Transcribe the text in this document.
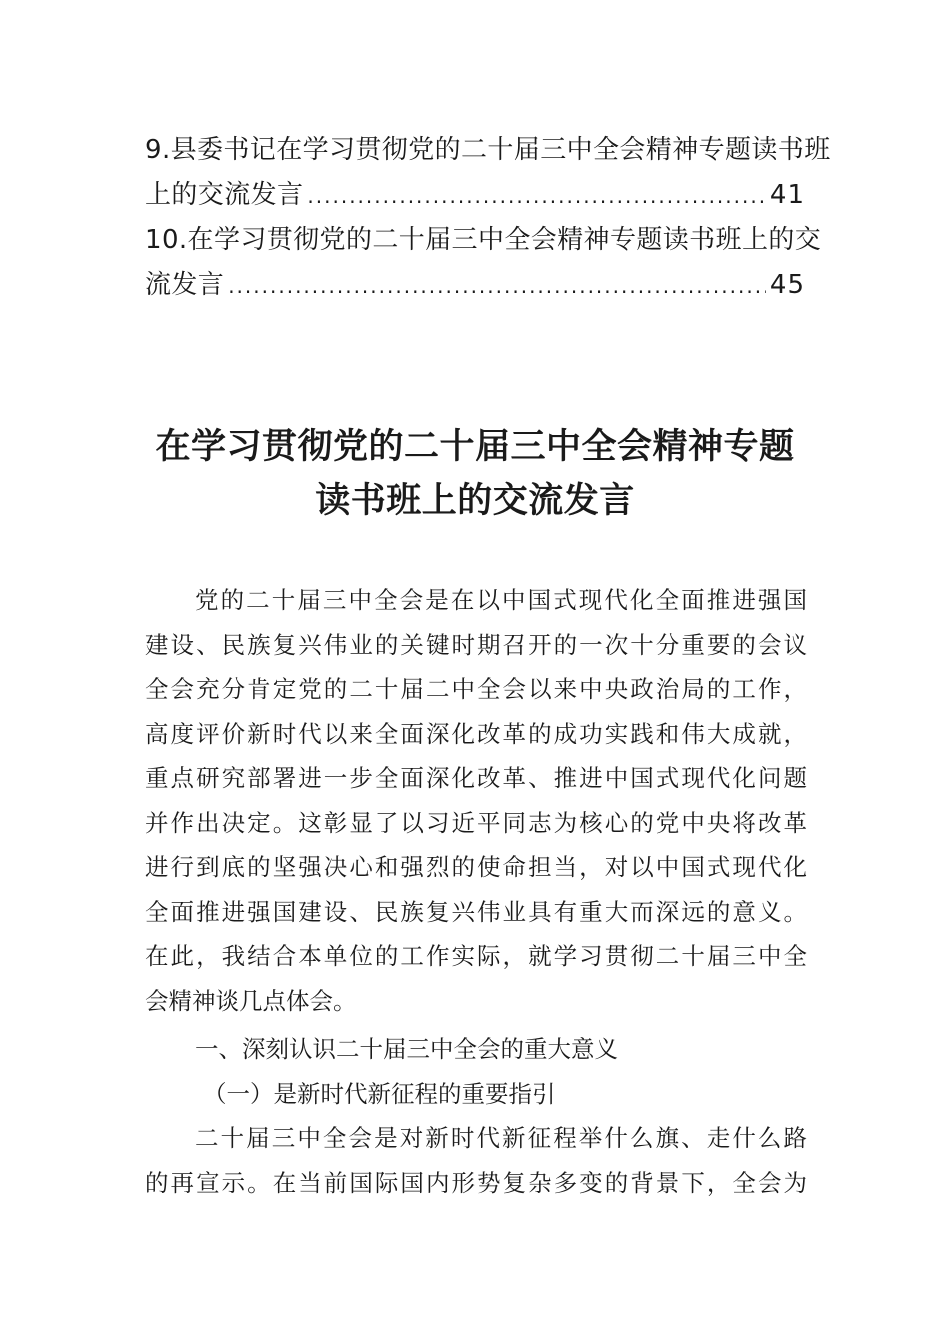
9.县委书记在学习贯彻党的二十届三中全会精神专题读书班
上的交流发言 .....	41
10.在学习贯彻党的二十届三中全会精神专题读书班上的交
流发言 .....	45
在学习贯彻党的二十届三中全会精神专题
读书班上的交流发言
党的二十届三中全会是在以中国式现代化全面推进强国
建设、民族复兴伟业的关键时期召开的一次十分重要的会议
全会充分肯定党的二十届二中全会以来中央政治局的工作，
高度评价新时代以来全面深化改革的成功实践和伟大成就，
重点研究部署进一步全面深化改革、推进中国式现代化问题
并作出决定。这彰显了以习近平同志为核心的党中央将改革
进行到底的坚强决心和强烈的使命担当，对以中国式现代化
全面推进强国建设、民族复兴伟业具有重大而深远的意义。
在此，我结合本单位的工作实际，就学习贯彻二十届三中全
会精神谈几点体会。
一、深刻认识二十届三中全会的重大意义
（一）是新时代新征程的重要指引
二十届三中全会是对新时代新征程举什么旗、走什么路
的再宣示。在当前国际国内形势复杂多变的背景下，全会为
